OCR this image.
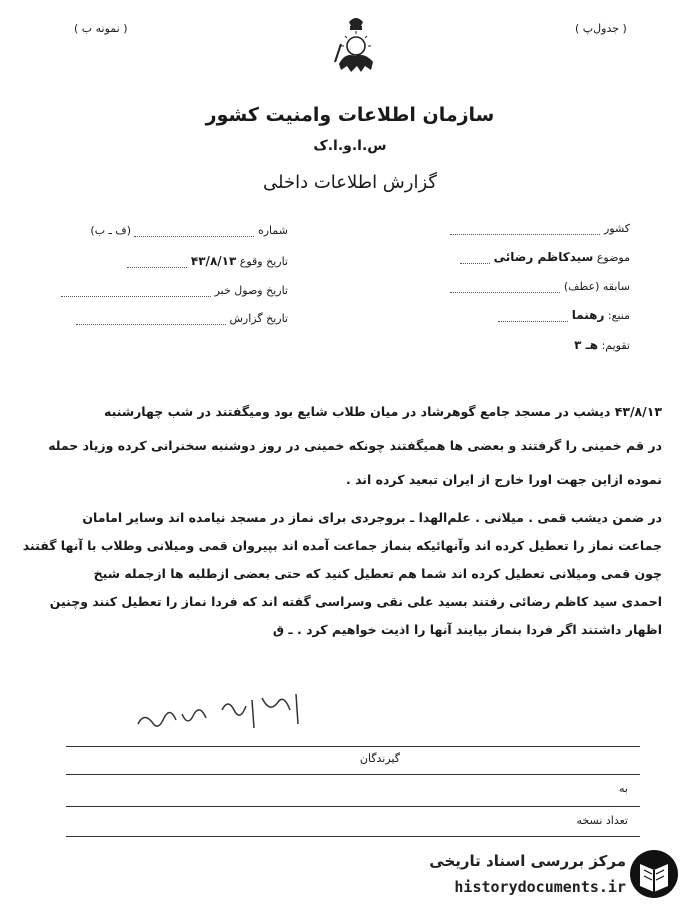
( نمونه ب )	( جدول‌پ )
سازمان اطلاعات وامنیت کشور
س.ا.و.ا.ک
گزارش اطلاعات داخلی
کشور
موضوع سیدکاظم رضائی
سابقه (عطف)
منبع: رهنما
تقویم: هـ ۳
شماره  (ف ـ ب)
تاریخ وقوع ۴۳/۸/۱۳
تاریخ وصول خبر
تاریخ گزارش
۴۳/۸/۱۳ دیشب در مسجد جامع گوهرشاد در میان طلاب شایع بود ومیگفتند در شب چهارشنبه
در قم خمینی را گرفتند و بعضی ها همیگفتند چونکه خمینی در روز دوشنبه سخنرانی کرده وزیاد حمله
نموده ازاین جهت اورا خارج از ایران تبعید کرده اند .
در ضمن دیشب قمی . میلانی . علم‌الهدا ـ بروجردی برای نماز در مسجد نیامده اند وسایر امامان
جماعت نماز را تعطیل کرده اند وآنهائیکه بنماز جماعت آمده اند بپیروان قمی ومیلانی وطلاب با آنها گفتند
چون قمی ومیلانی تعطیل کرده اند شما هم تعطیل کنید که حتی بعضی ازطلبه ها ازجمله شیخ
احمدی سید کاظم رضائی رفتند بسید علی نقی وسراسی گفته اند که فردا نماز را تعطیل کنند وچنین
اظهار داشتند اگر فردا بنماز بیایند آنها را اذیت خواهیم کرد . ـ ق
گیرندگان
به
تعداد نسخه
مرکز بررسی اسناد تاریخی
historydocuments.ir
